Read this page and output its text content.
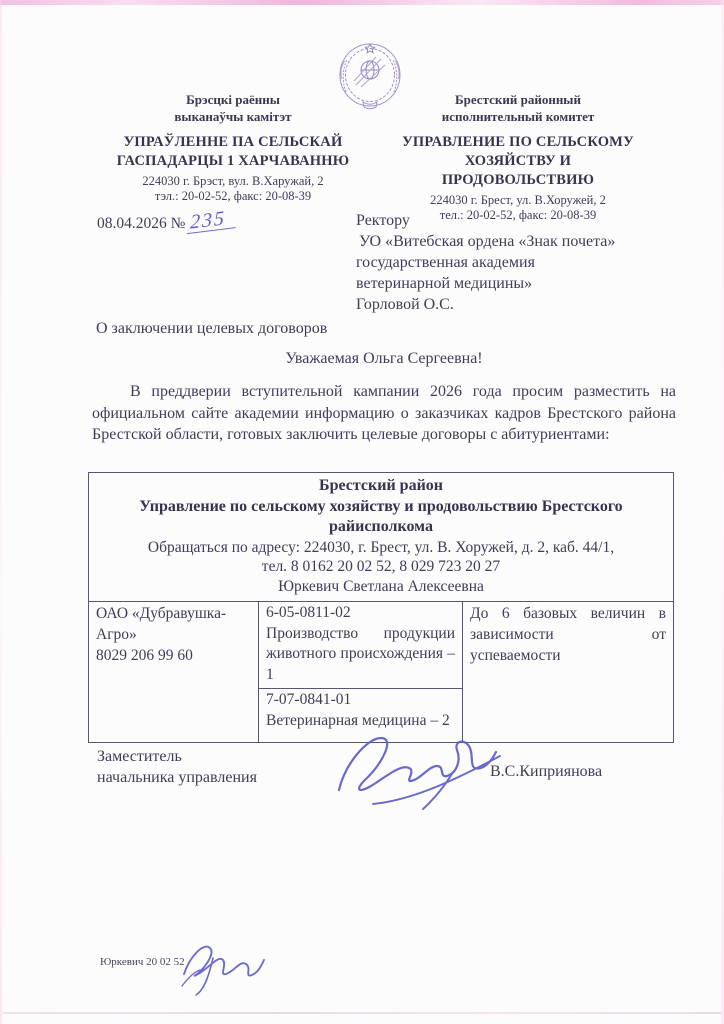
Брэсцкі раённы
выканаўчы камітэт
УПРАЎЛЕННЕ ПА СЕЛЬСКАЙ
ГАСПАДАРЦЫ 1 ХАРЧАВАННЮ
224030 г. Брэст, вул. В.Харужай, 2
тэл.: 20-02-52, факс: 20-08-39
Брестский районный
исполнительный комитет
УПРАВЛЕНИЕ ПО СЕЛЬСКОМУ
ХОЗЯЙСТВУ И ПРОДОВОЛЬСТВИЮ
224030 г. Брест, ул. В.Хоружей, 2
тел.: 20-02-52, факс: 20-08-39
08.04.2026 № 235	Ректору
УО «Витебская ордена «Знак почета»
государственная академия
ветеринарной медицины»
Горловой О.С.
О заключении целевых договоров
Уважаемая Ольга Сергеевна!
В преддверии вступительной кампании 2026 года просим разместить на официальном сайте академии информацию о заказчиках кадров Брестского района Брестской области, готовых заключить целевые договоры с абитуриентами:
Брестский район
Управление по сельскому хозяйству и продовольствию Брестского райисполкома
Обращаться по адресу: 224030, г. Брест, ул. В. Хоружей, д. 2, каб. 44/1,
тел. 8 0162 20 02 52, 8 029 723 20 27
Юркевич Светлана Алексеевна
ОАО «Дубравушка-Агро»
8029 206 99 60
6-05-0811-02
Производство продукции животного происхождения – 1
7-07-0841-01
Ветеринарная медицина – 2
До 6 базовых величин в зависимости от успеваемости
Заместитель
начальника управления	В.С.Киприянова
Юркевич 20 02 52
